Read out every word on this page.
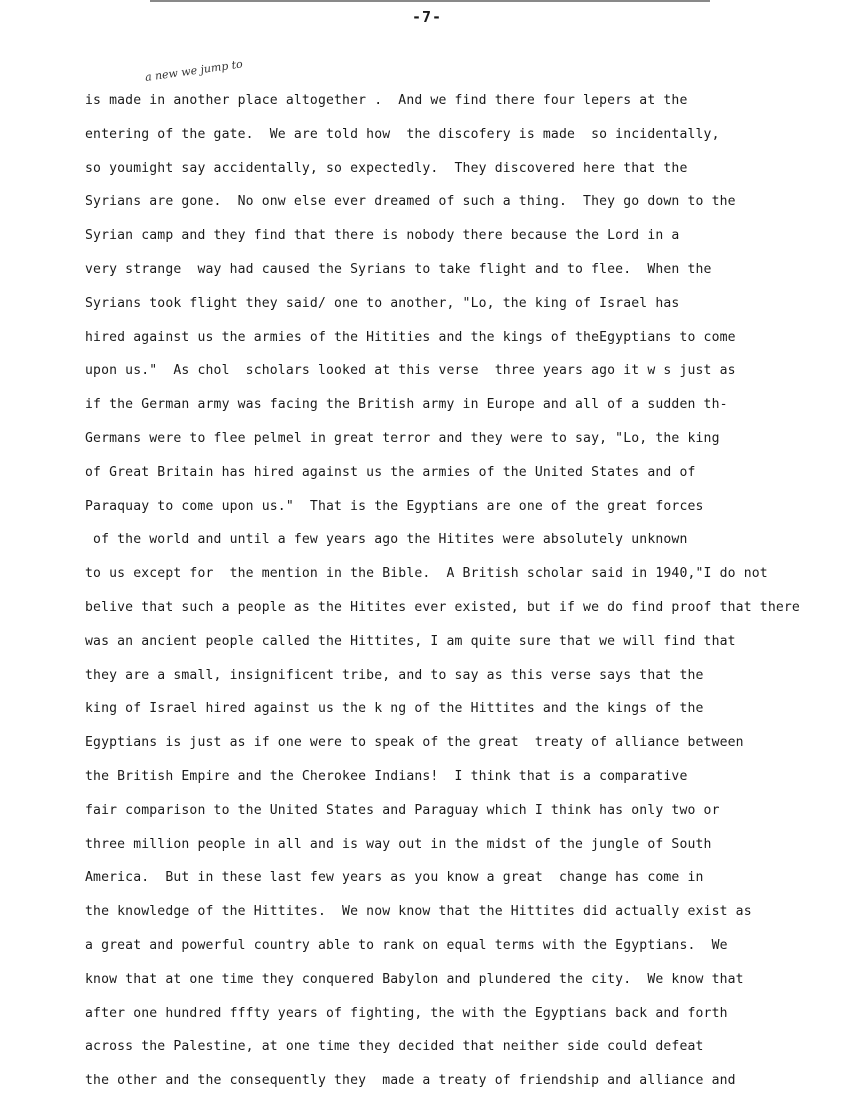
-7-
a new we jump to
is made in another place altogether .  And we find there four lepers at the
entering of the gate.  We are told how  the discofery is made  so incidentally,
so youmight say accidentally, so expectedly.  They discovered here that the
Syrians are gone.  No onw else ever dreamed of such a thing.  They go down to the
Syrian camp and they find that there is nobody there because the Lord in a
very strange  way had caused the Syrians to take flight and to flee.  When the
Syrians took flight they said/ one to another, "Lo, the king of Israel has
hired against us the armies of the Hitities and the kings of theEgyptians to come
upon us."  As chol  scholars looked at this verse  three years ago it w s just as
if the German army was facing the British army in Europe and all of a sudden th-
Germans were to flee pelmel in great terror and they were to say, "Lo, the king
of Great Britain has hired against us the armies of the United States and of
Paraquay to come upon us."  That is the Egyptians are one of the great forces
of the world and until a few years ago the Hitites were absolutely unknown
to us except for  the mention in the Bible.  A British scholar said in 1940,"I do not
belive that such a people as the Hitites ever existed, but if we do find proof that there
was an ancient people called the Hittites, I am quite sure that we will find that
they are a small, insignificent tribe, and to say as this verse says that the
king of Israel hired against us the k ng of the Hittites and the kings of the
Egyptians is just as if one were to speak of the great  treaty of alliance between
the British Empire and the Cherokee Indians!  I think that is a comparative
fair comparison to the United States and Paraguay which I think has only two or
three million people in all and is way out in the midst of the jungle of South
America.  But in these last few years as you know a great  change has come in
the knowledge of the Hittites.  We now know that the Hittites did actually exist as
a great and powerful country able to rank on equal terms with the Egyptians.  We
know that at one time they conquered Babylon and plundered the city.  We know that
after one hundred fffty years of fighting, the with the Egyptians back and forth
across the Palestine, at one time they decided that neither side could defeat
the other and the consequently they  made a treaty of friendship and alliance and
